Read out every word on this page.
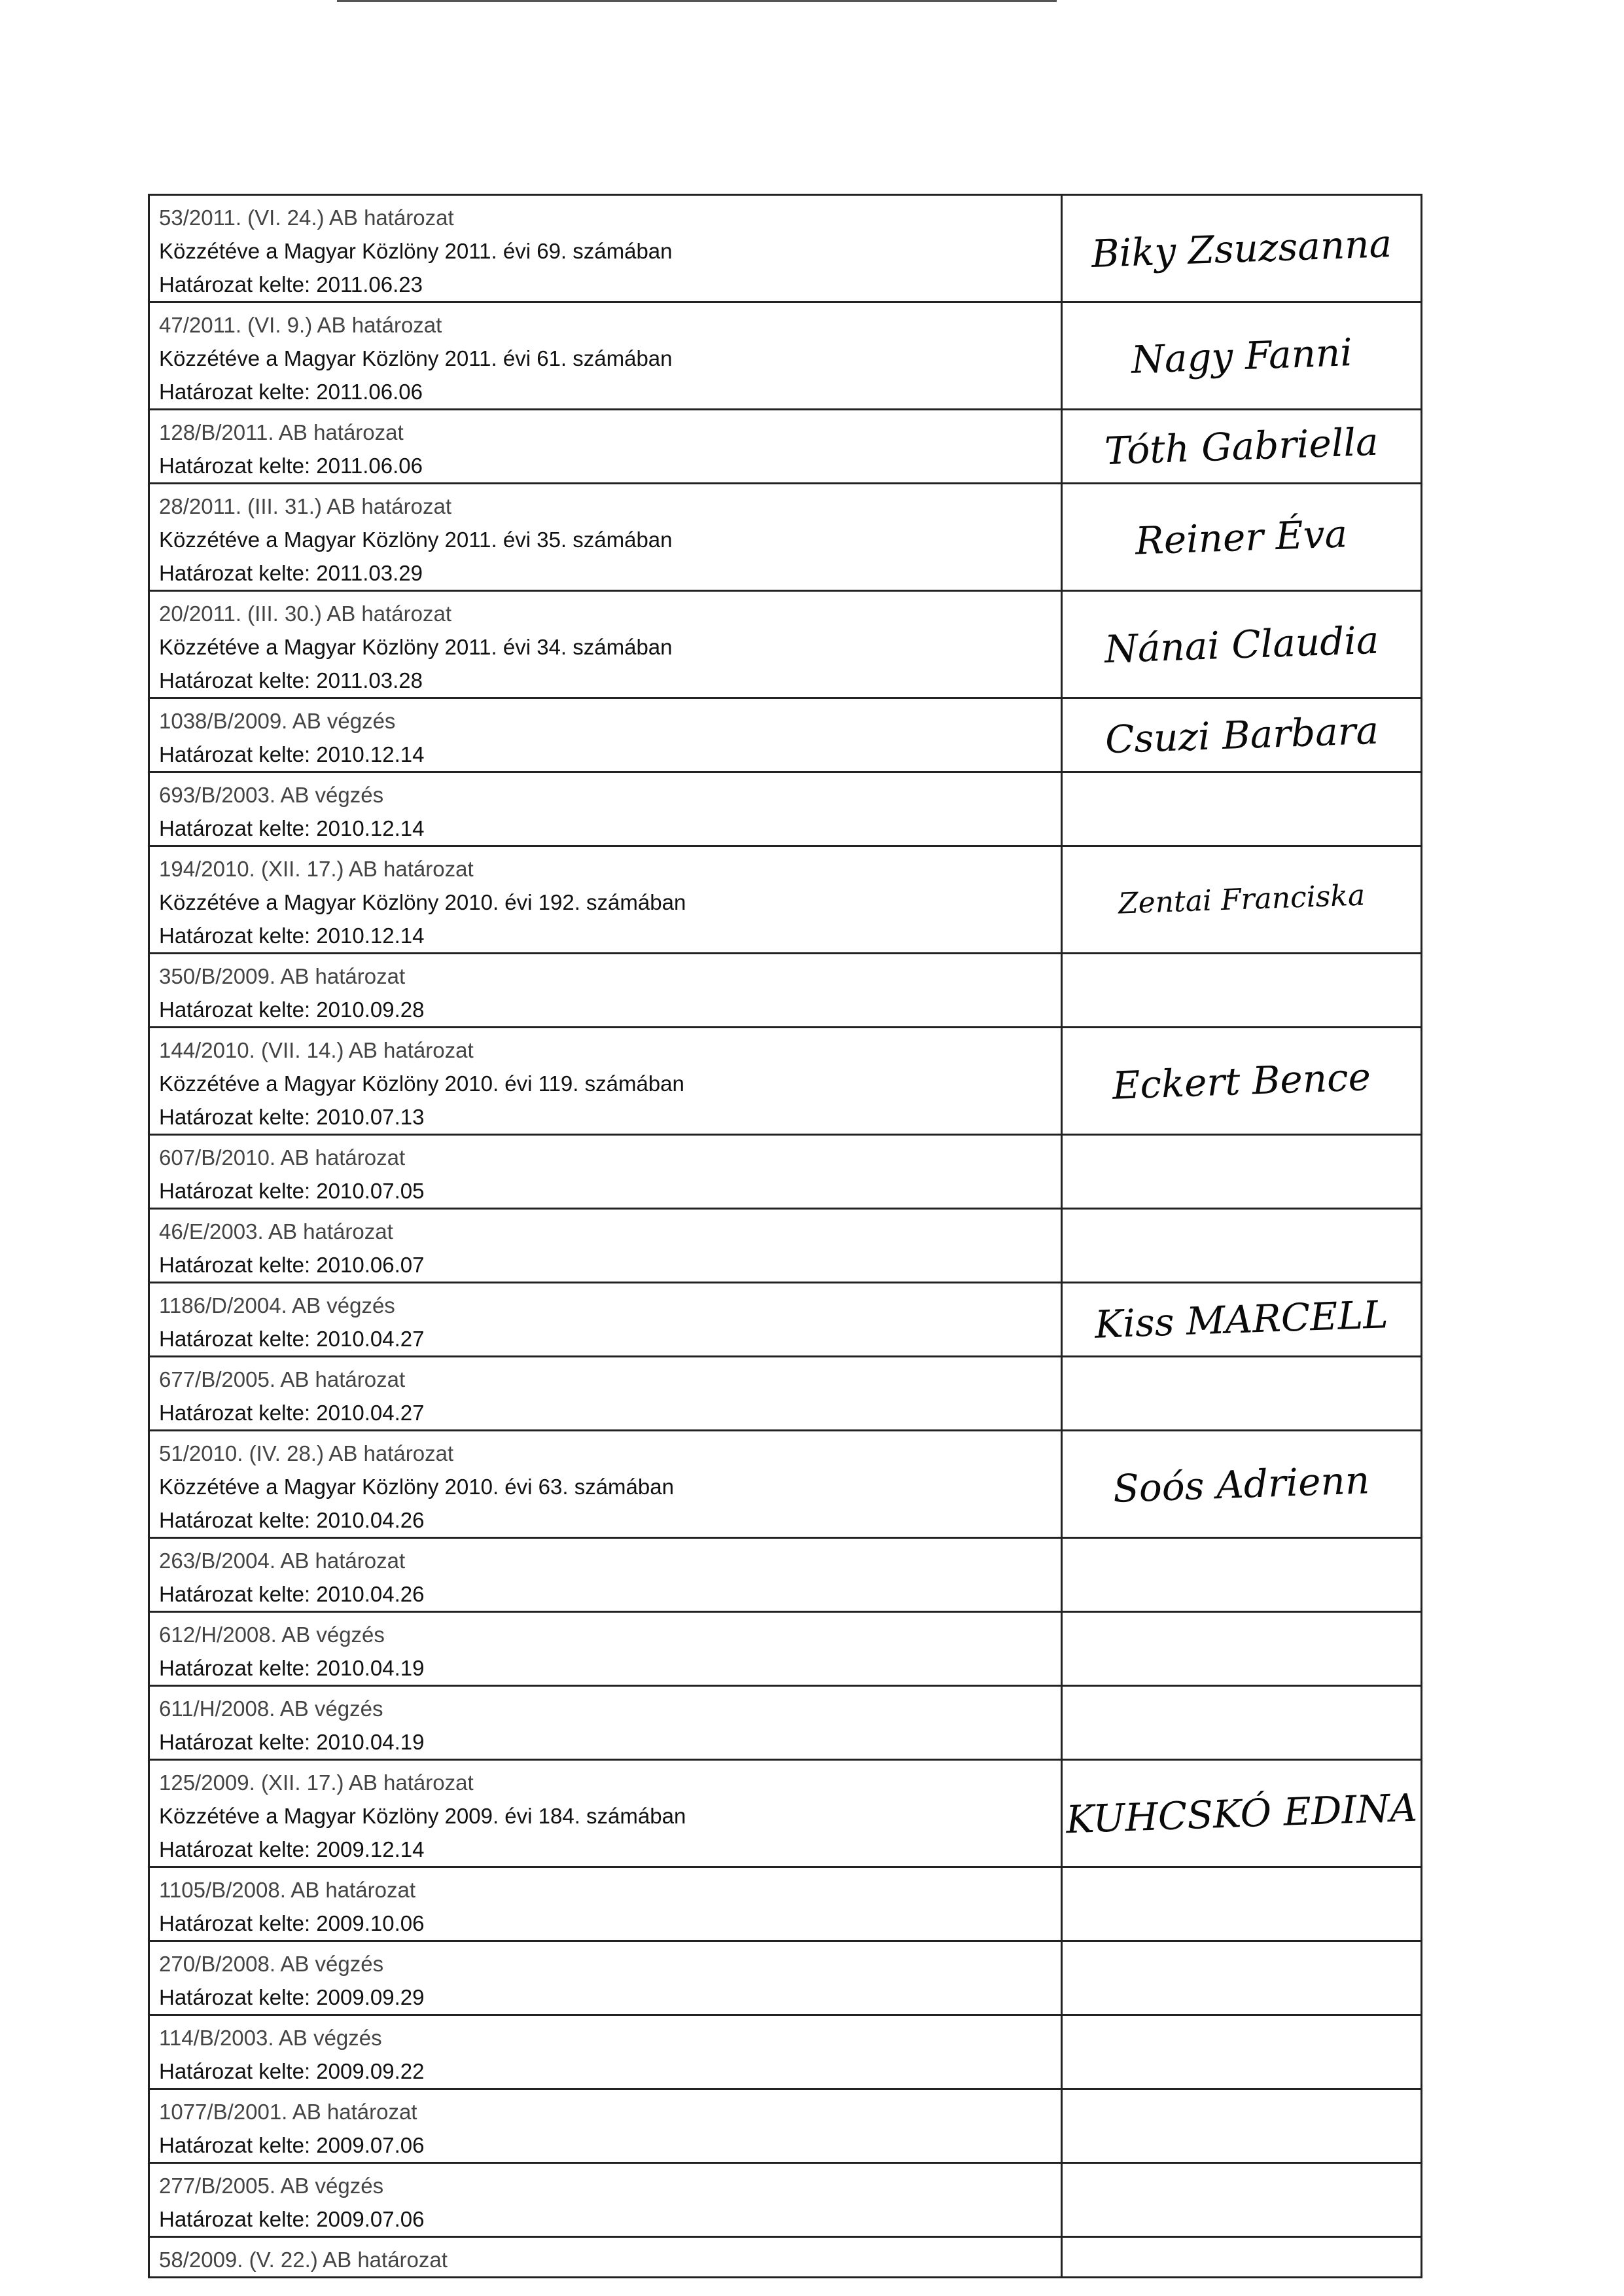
53/2011. (VI. 24.) AB határozat
Közzétéve a Magyar Közlöny 2011. évi 69. számában
Határozat kelte: 2011.06.23	Biky Zsuzsanna

47/2011. (VI. 9.) AB határozat
Közzétéve a Magyar Közlöny 2011. évi 61. számában
Határozat kelte: 2011.06.06	Nagy Fanni

128/B/2011. AB határozat
Határozat kelte: 2011.06.06	Tóth Gabriella

28/2011. (III. 31.) AB határozat
Közzétéve a Magyar Közlöny 2011. évi 35. számában
Határozat kelte: 2011.03.29	Reiner Éva

20/2011. (III. 30.) AB határozat
Közzétéve a Magyar Közlöny 2011. évi 34. számában
Határozat kelte: 2011.03.28	Nánai Claudia

1038/B/2009. AB végzés
Határozat kelte: 2010.12.14	Csuzi Barbara

693/B/2003. AB végzés
Határozat kelte: 2010.12.14	

194/2010. (XII. 17.) AB határozat
Közzétéve a Magyar Közlöny 2010. évi 192. számában
Határozat kelte: 2010.12.14	Zentai Franciska

350/B/2009. AB határozat
Határozat kelte: 2010.09.28	

144/2010. (VII. 14.) AB határozat
Közzétéve a Magyar Közlöny 2010. évi 119. számában
Határozat kelte: 2010.07.13	Eckert Bence

607/B/2010. AB határozat
Határozat kelte: 2010.07.05	

46/E/2003. AB határozat
Határozat kelte: 2010.06.07	

1186/D/2004. AB végzés
Határozat kelte: 2010.04.27	Kiss MARCELL

677/B/2005. AB határozat
Határozat kelte: 2010.04.27	

51/2010. (IV. 28.) AB határozat
Közzétéve a Magyar Közlöny 2010. évi 63. számában
Határozat kelte: 2010.04.26	Soós Adrienn

263/B/2004. AB határozat
Határozat kelte: 2010.04.26	

612/H/2008. AB végzés
Határozat kelte: 2010.04.19	

611/H/2008. AB végzés
Határozat kelte: 2010.04.19	

125/2009. (XII. 17.) AB határozat
Közzétéve a Magyar Közlöny 2009. évi 184. számában
Határozat kelte: 2009.12.14	KUHCSKÓ EDINA

1105/B/2008. AB határozat
Határozat kelte: 2009.10.06	

270/B/2008. AB végzés
Határozat kelte: 2009.09.29	

114/B/2003. AB végzés
Határozat kelte: 2009.09.22	

1077/B/2001. AB határozat
Határozat kelte: 2009.07.06	

277/B/2005. AB végzés
Határozat kelte: 2009.07.06	

58/2009. (V. 22.) AB határozat	
